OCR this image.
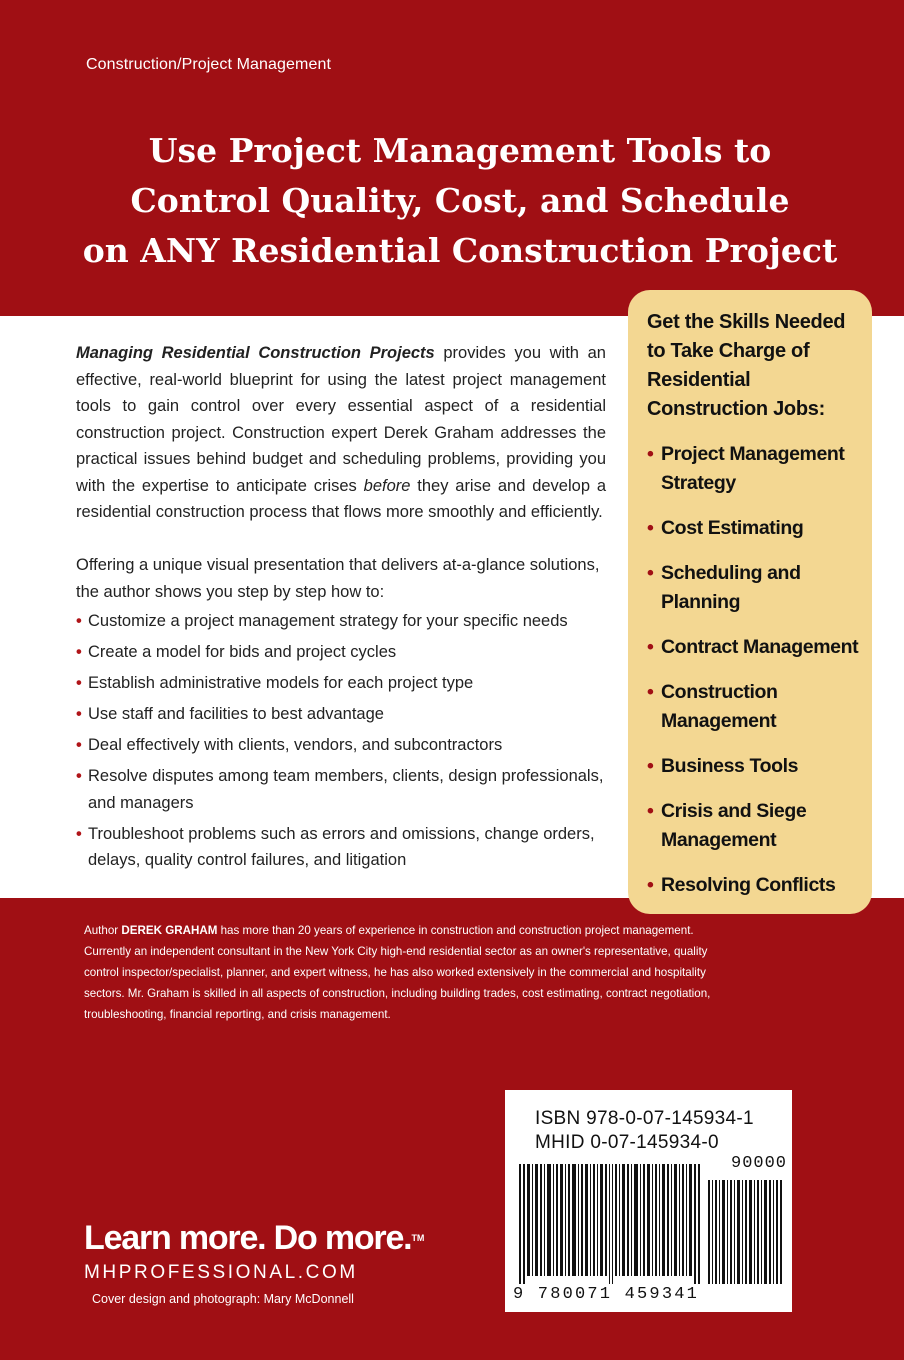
Construction/Project Management
Use Project Management Tools to
Control Quality, Cost, and Schedule
on ANY Residential Construction Project

Managing Residential Construction Projects provides you with an effective, real-world blueprint for using the latest project management tools to gain control over every essential aspect of a residential construction project. Construction expert Derek Graham addresses the practical issues behind budget and scheduling problems, providing you with the expertise to anticipate crises before they arise and develop a residential construction process that flows more smoothly and efficiently.

Offering a unique visual presentation that delivers at-a-glance solutions, the author shows you step by step how to:

• Customize a project management strategy for your specific needs
• Create a model for bids and project cycles
• Establish administrative models for each project type
• Use staff and facilities to best advantage
• Deal effectively with clients, vendors, and subcontractors
• Resolve disputes among team members, clients, design professionals, and managers
• Troubleshoot problems such as errors and omissions, change orders, delays, quality control failures, and litigation
Get the Skills Needed to Take Charge of Residential Construction Jobs:
• Project Management Strategy
• Cost Estimating
• Scheduling and Planning
• Contract Management
• Construction Management
• Business Tools
• Crisis and Siege Management
• Resolving Conflicts

Author DEREK GRAHAM has more than 20 years of experience in construction and construction project management. Currently an independent consultant in the New York City high-end residential sector as an owner's representative, quality control inspector/specialist, planner, and expert witness, he has also worked extensively in the commercial and hospitality sectors. Mr. Graham is skilled in all aspects of construction, including building trades, cost estimating, contract negotiation, troubleshooting, financial reporting, and crisis management.

Learn more. Do more.™
MHPROFESSIONAL.COM
Cover design and photograph: Mary McDonnell
ISBN 978-0-07-145934-1
MHID 0-07-145934-0
90000
9 780071 459341
